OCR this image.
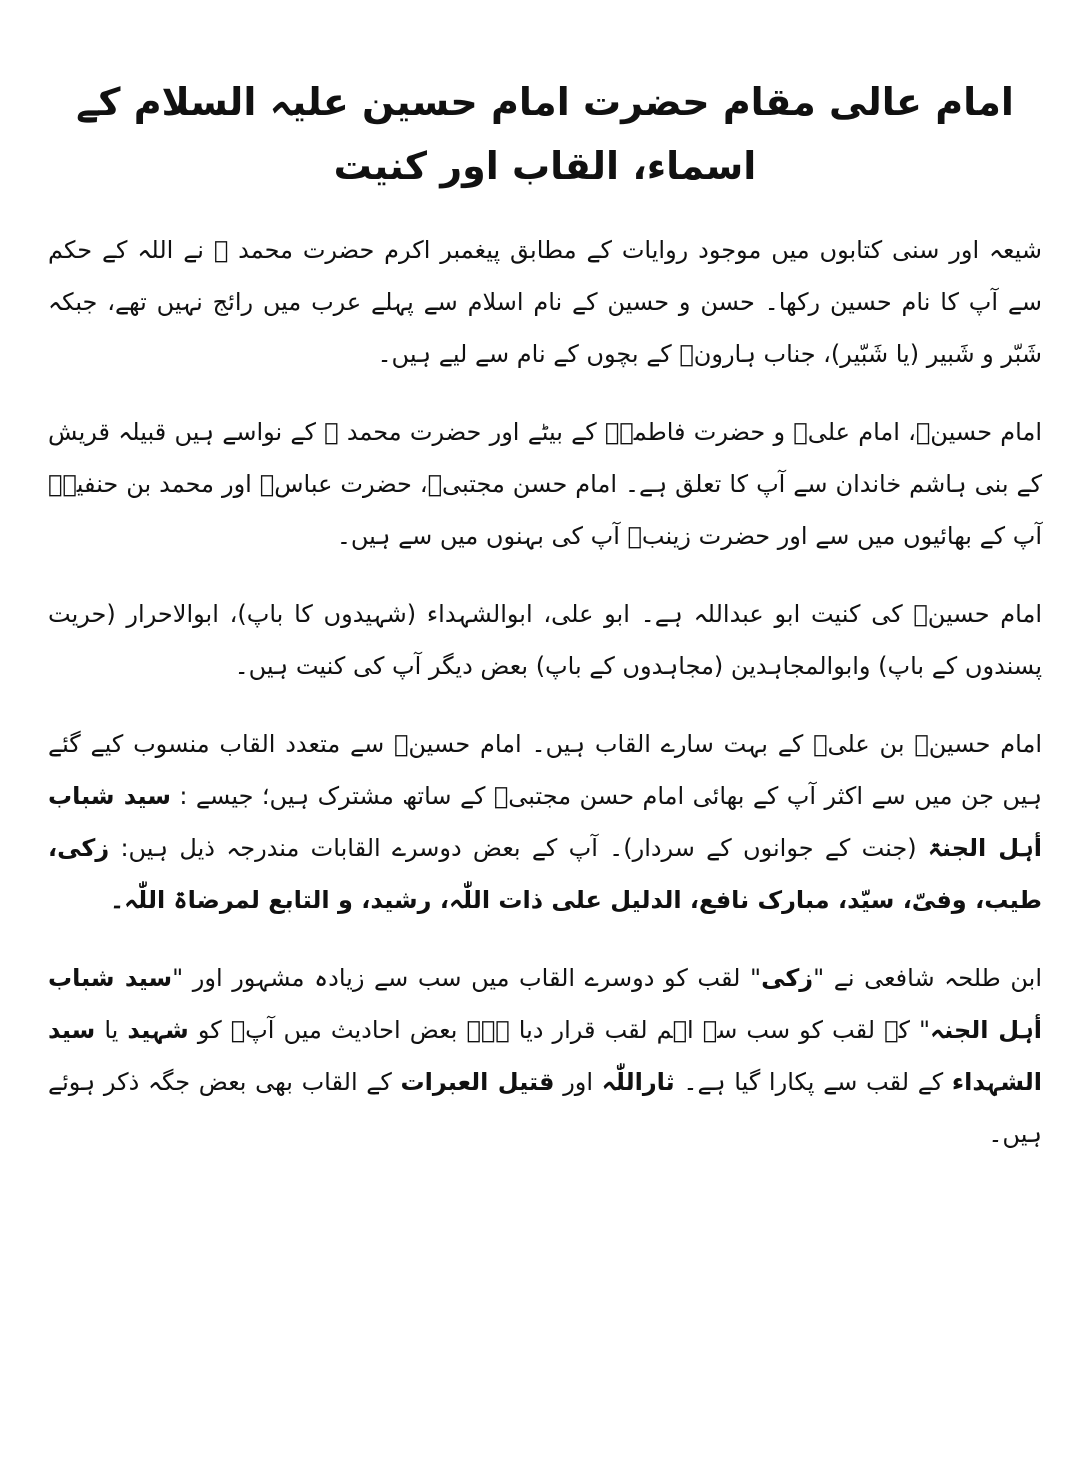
امام عالی مقام حضرت امام حسین علیہ السلام کے اسماء، القاب اور کنیت

شیعہ اور سنی کتابوں میں موجود روایات کے مطابق پیغمبر اکرم حضرت محمد ﷺ نے اللہ کے حکم سے آپ کا نام حسین رکھا۔ حسن و حسین کے نام اسلام سے پہلے عرب میں رائج نہیں تھے، جبکہ شَبّر و شَبیر (یا شَبّیر)، جناب ہارونؑ کے بچوں کے نام سے لیے ہیں۔

امام حسینؑ، امام علیؑ و حضرت فاطمہؑ کے بیٹے اور حضرت محمد ﷺ کے نواسے ہیں قبیلہ قریش کے بنی ہاشم خاندان سے آپ کا تعلق ہے۔ امام حسن مجتبیؑ، حضرت عباسؑ اور محمد بن حنفیہؑ آپ کے بھائیوں میں سے اور حضرت زینبؑ آپ کی بہنوں میں سے ہیں۔

امام حسینؑ کی کنیت ابو عبداللہ ہے۔ ابو علی، ابوالشہداء (شہیدوں کا باپ)، ابوالاحرار (حریت پسندوں کے باپ) وابوالمجاہدین (مجاہدوں کے باپ) بعض دیگر آپ کی کنیت ہیں۔

امام حسینؑ بن علیؑ کے بہت سارے القاب ہیں۔ امام حسینؑ سے متعدد القاب منسوب کیے گئے ہیں جن میں سے اکثر آپ کے بھائی امام حسن مجتبیؑ کے ساتھ مشترک ہیں؛ جیسے : سید شباب أہل الجنۃ (جنت کے جوانوں کے سردار)۔ آپ کے بعض دوسرے القابات مندرجہ ذیل ہیں: زکی، طیب، وفیّ، سیّد، مبارک نافع، الدلیل علی ذات اللّٰہ، رشید، و التابع لمرضاۃ اللّٰہ۔

ابن طلحہ شافعی نے "زکی" لقب کو دوسرے القاب میں سب سے زیادہ مشہور اور "سید شباب أہل الجنہ" کے لقب کو سب سے اہم لقب قرار دیا ہے۔ بعض احادیث میں آپؑ کو شہید یا سید الشہداء کے لقب سے پکارا گیا ہے۔ ثاراللّٰہ اور قتیل العبرات کے القاب بھی بعض جگہ ذکر ہوئے ہیں۔
